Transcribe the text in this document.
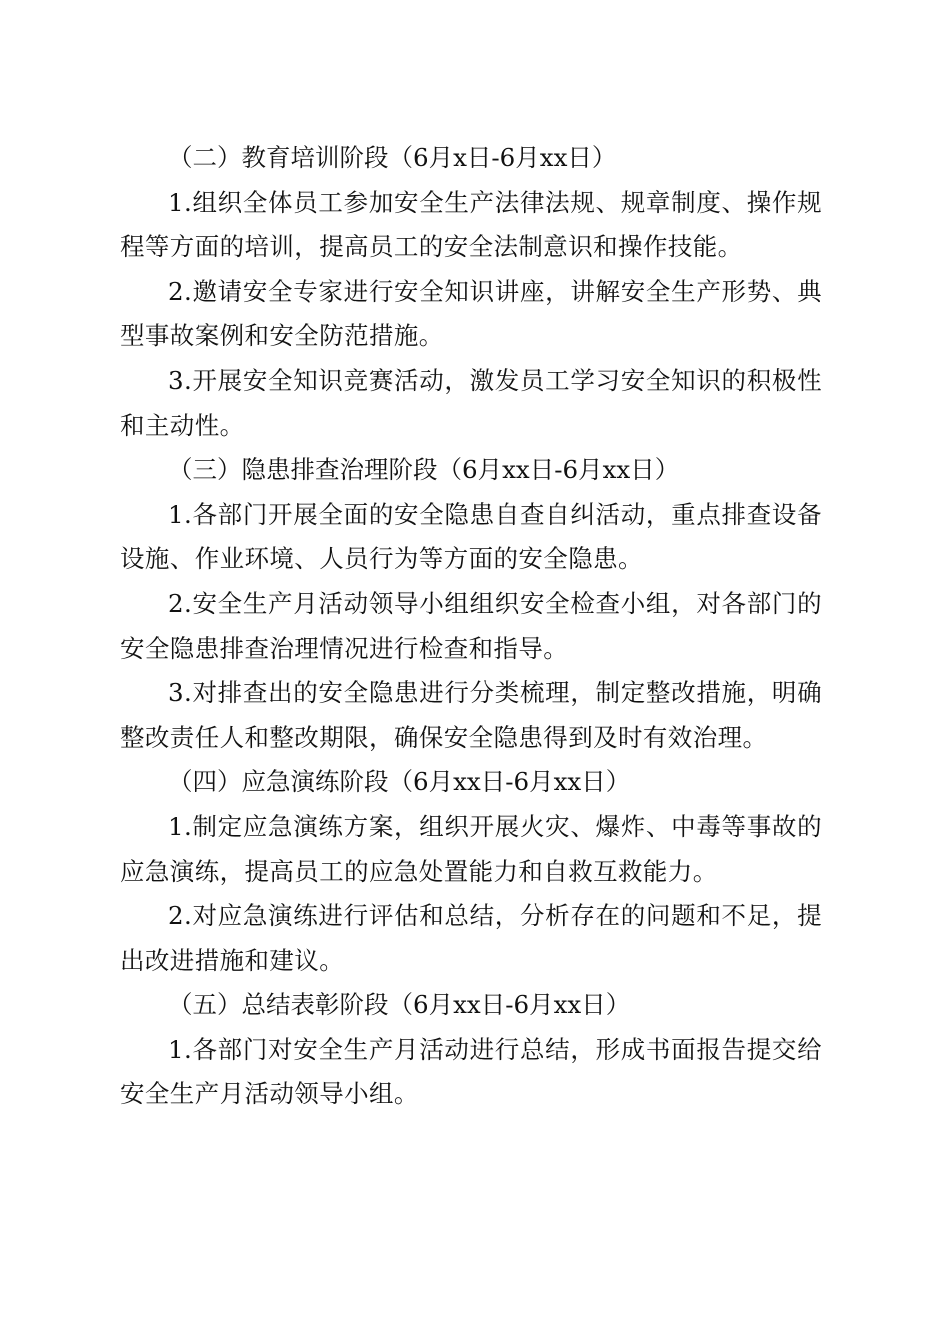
（二）教育培训阶段（6月x日-6月xx日）

1.组织全体员工参加安全生产法律法规、规章制度、操作规程等方面的培训，提高员工的安全法制意识和操作技能。

2.邀请安全专家进行安全知识讲座，讲解安全生产形势、典型事故案例和安全防范措施。

3.开展安全知识竞赛活动，激发员工学习安全知识的积极性和主动性。

（三）隐患排查治理阶段（6月xx日-6月xx日）

1.各部门开展全面的安全隐患自查自纠活动，重点排查设备设施、作业环境、人员行为等方面的安全隐患。

2.安全生产月活动领导小组组织安全检查小组，对各部门的安全隐患排查治理情况进行检查和指导。

3.对排查出的安全隐患进行分类梳理，制定整改措施，明确整改责任人和整改期限，确保安全隐患得到及时有效治理。

（四）应急演练阶段（6月xx日-6月xx日）

1.制定应急演练方案，组织开展火灾、爆炸、中毒等事故的应急演练，提高员工的应急处置能力和自救互救能力。

2.对应急演练进行评估和总结，分析存在的问题和不足，提出改进措施和建议。

（五）总结表彰阶段（6月xx日-6月xx日）

1.各部门对安全生产月活动进行总结，形成书面报告提交给安全生产月活动领导小组。
